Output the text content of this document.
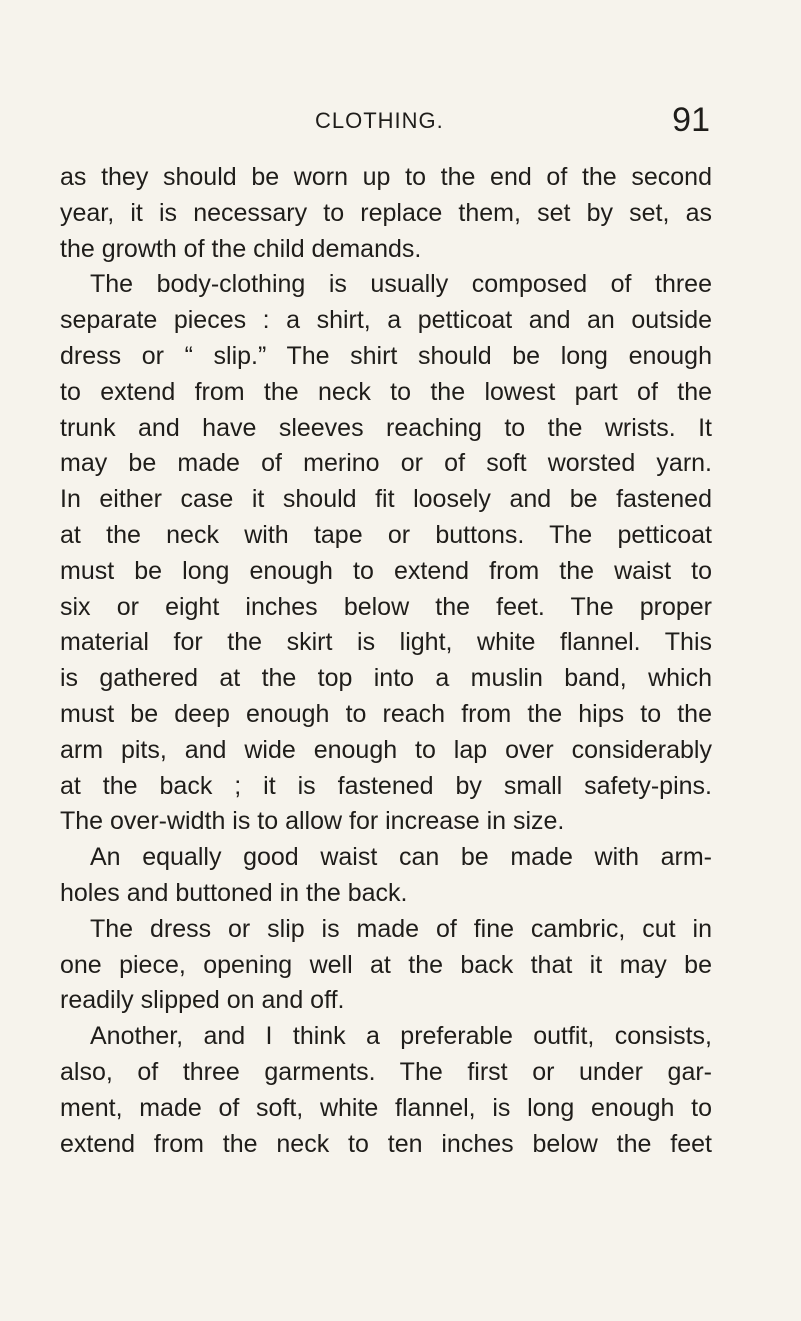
CLOTHING.	91
as they should be worn up to the end of the second
year, it is necessary to replace them, set by set, as
the growth of the child demands.
The body-clothing is usually composed of three
separate pieces : a shirt, a petticoat and an outside
dress or “ slip.” The shirt should be long enough
to extend from the neck to the lowest part of the
trunk and have sleeves reaching to the wrists. It
may be made of merino or of soft worsted yarn.
In either case it should fit loosely and be fastened
at the neck with tape or buttons. The petticoat
must be long enough to extend from the waist to
six or eight inches below the feet. The proper
material for the skirt is light, white flannel. This
is gathered at the top into a muslin band, which
must be deep enough to reach from the hips to the
arm pits, and wide enough to lap over considerably
at the back ; it is fastened by small safety-pins.
The over-width is to allow for increase in size.
An equally good waist can be made with arm-
holes and buttoned in the back.
The dress or slip is made of fine cambric, cut in
one piece, opening well at the back that it may be
readily slipped on and off.
Another, and I think a preferable outfit, consists,
also, of three garments. The first or under gar-
ment, made of soft, white flannel, is long enough to
extend from the neck to ten inches below the feet
